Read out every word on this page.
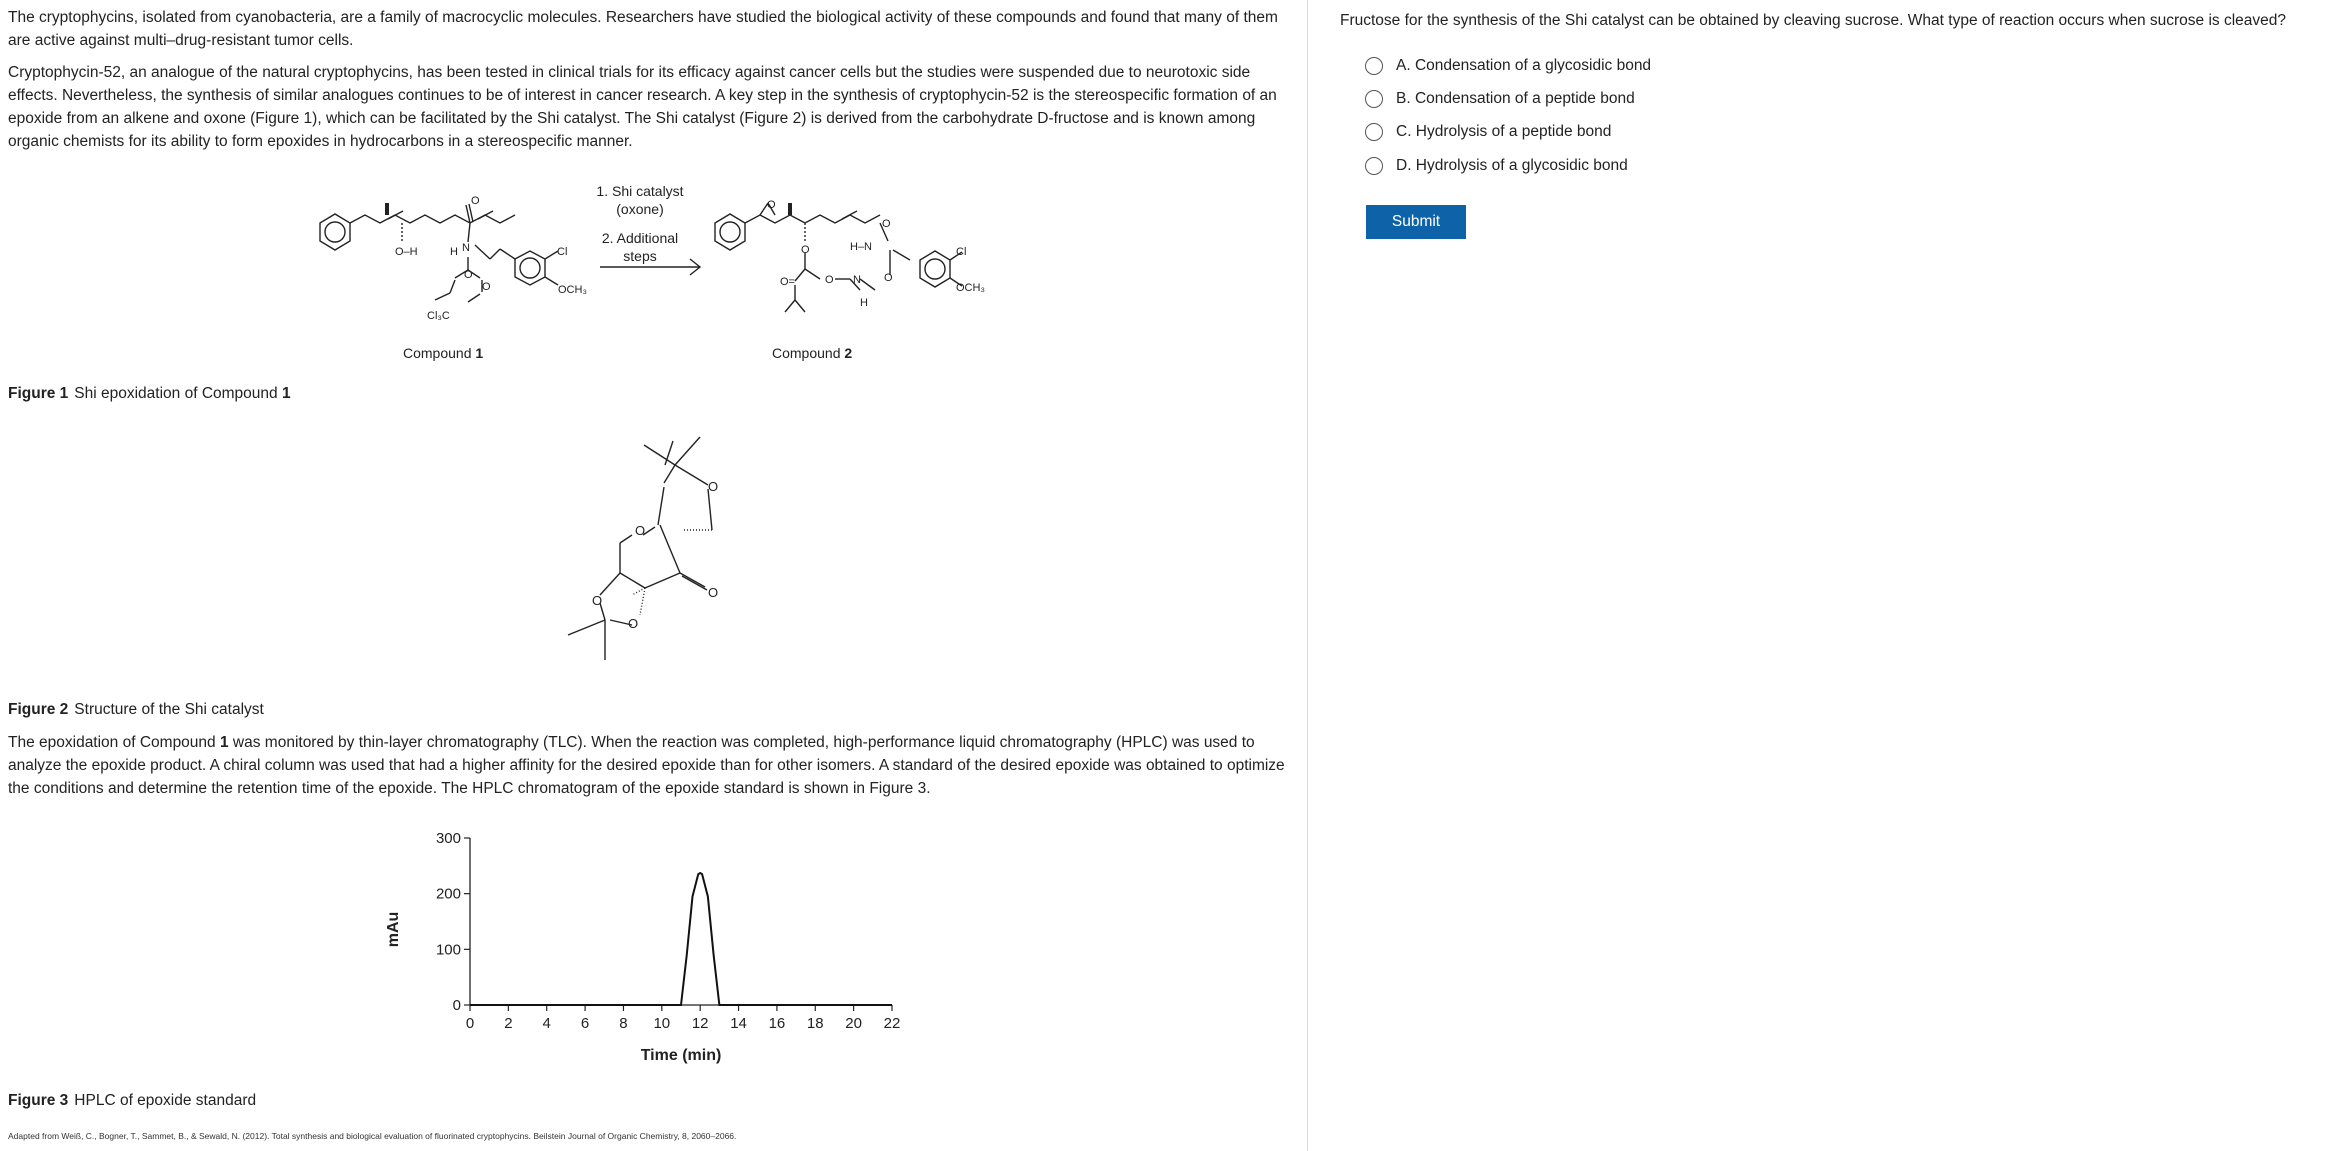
The cryptophycins, isolated from cyanobacteria, are a family of macrocyclic molecules. Researchers have studied the biological activity of these compounds and found that many of them are active against multi–drug-resistant tumor cells.

Cryptophycin-52, an analogue of the natural cryptophycins, has been tested in clinical trials for its efficacy against cancer cells but the studies were suspended due to neurotoxic side effects. Nevertheless, the synthesis of similar analogues continues to be of interest in cancer research. A key step in the synthesis of cryptophycin-52 is the stereospecific formation of an epoxide from an alkene and oxone (Figure 1), which can be facilitated by the Shi catalyst. The Shi catalyst (Figure 2) is derived from the carbohydrate D-fructose and is known among organic chemists for its ability to form epoxides in hydrocarbons in a stereospecific manner.

O–H
O
H N	Cl
OCH₃
O
O
Cl₃C
O
O
O=	O N
H
H–N
O
O
Cl
OCH₃
1. Shi catalyst
(oxone)
2. Additional
steps
Compound 1	Compound 2
Figure 1 Shi epoxidation of Compound 1
O
O
O
O
O
Figure 2 Structure of the Shi catalyst

The epoxidation of Compound 1 was monitored by thin-layer chromatography (TLC). When the reaction was completed, high-performance liquid chromatography (HPLC) was used to analyze the epoxide product. A chiral column was used that had a higher affinity for the desired epoxide than for other isomers. A standard of the desired epoxide was obtained to optimize the conditions and determine the retention time of the epoxide. The HPLC chromatogram of the epoxide standard is shown in Figure 3.

0 2 4 6 8 10 12 14 16 18 20 22
0
100
200
300
Time (min)
mAu
Figure 3 HPLC of epoxide standard
Adapted from Weiß, C., Bogner, T., Sammet, B., & Sewald, N. (2012). Total synthesis and biological evaluation of fluorinated cryptophycins. Beilstein Journal of Organic Chemistry, 8, 2060–2066.
Fructose for the synthesis of the Shi catalyst can be obtained by cleaving sucrose. What type of reaction occurs when sucrose is cleaved?
A. Condensation of a glycosidic bond
B. Condensation of a peptide bond
C. Hydrolysis of a peptide bond
D. Hydrolysis of a glycosidic bond
Submit
